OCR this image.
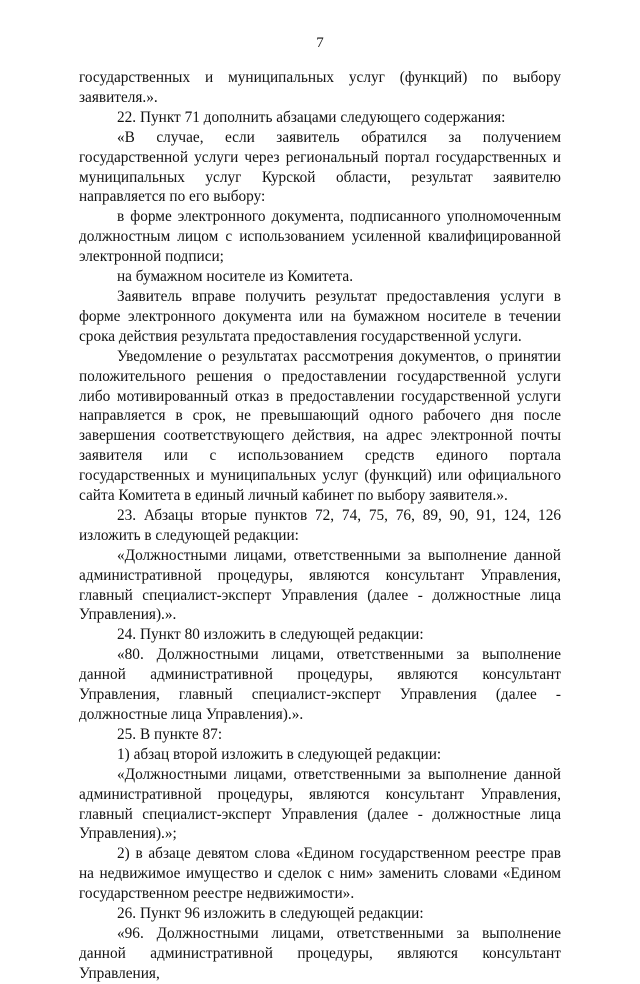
7

государственных и муниципальных услуг (функций) по выбору заявителя.».

22. Пункт 71 дополнить абзацами следующего содержания:

«В случае, если заявитель обратился за получением государственной услуги через региональный портал государственных и муниципальных услуг Курской области, результат заявителю направляется по его выбору:

в форме электронного документа, подписанного уполномоченным должностным лицом с использованием усиленной квалифицированной электронной подписи;

на бумажном носителе из Комитета.

Заявитель вправе получить результат предоставления услуги в форме электронного документа или на бумажном носителе в течении срока действия результата предоставления государственной услуги.

Уведомление о результатах рассмотрения документов, о принятии положительного решения о предоставлении государственной услуги либо мотивированный отказ в предоставлении государственной услуги направляется в срок, не превышающий одного рабочего дня после завершения соответствующего действия, на адрес электронной почты заявителя или с использованием средств единого портала государственных и муниципальных услуг (функций) или официального сайта Комитета в единый личный кабинет по выбору заявителя.».

23. Абзацы вторые пунктов 72, 74, 75, 76, 89, 90, 91, 124, 126 изложить в следующей редакции:

«Должностными лицами, ответственными за выполнение данной административной процедуры, являются консультант Управления, главный специалист-эксперт Управления (далее - должностные лица Управления).».

24. Пункт 80 изложить в следующей редакции:

«80. Должностными лицами, ответственными за выполнение данной административной процедуры, являются консультант Управления, главный специалист-эксперт Управления (далее - должностные лица Управления).».

25. В пункте 87:

1) абзац второй изложить в следующей редакции:

«Должностными лицами, ответственными за выполнение данной административной процедуры, являются консультант Управления, главный специалист-эксперт Управления (далее - должностные лица Управления).»;

2) в абзаце девятом слова «Едином государственном реестре прав на недвижимое имущество и сделок с ним» заменить словами «Едином государственном реестре недвижимости».

26. Пункт 96 изложить в следующей редакции:

«96. Должностными лицами, ответственными за выполнение данной административной процедуры, являются консультант Управления,
